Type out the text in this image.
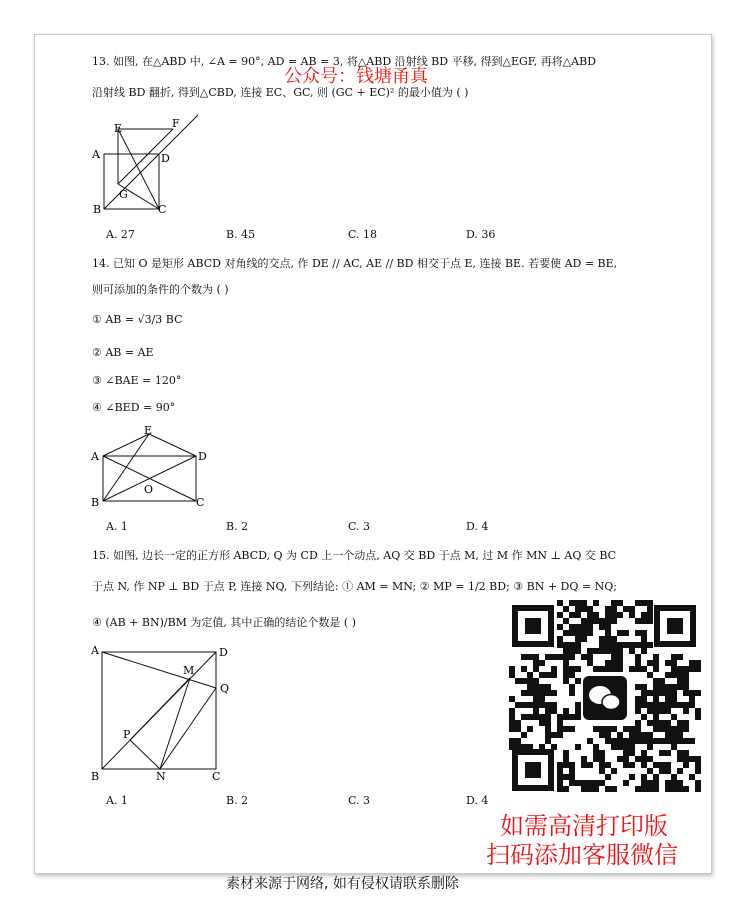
13. 如图, 在△ABD 中, ∠A = 90°, AD = AB = 3, 将△ABD 沿射线 BD 平移, 得到△EGF, 再将△ABD
公众号：钱塘甬真
沿射线 BD 翻折, 得到△CBD, 连接 EC、GC, 则 (GC + EC)² 的最小值为 ( )
E	F
A	D
G
B	C
A. 27	B. 45	C. 18	D. 36
14. 已知 O 是矩形 ABCD 对角线的交点, 作 DE // AC, AE // BD 相交于点 E, 连接 BE. 若要使 AD = BE,
则可添加的条件的个数为 ( )
① AB = √3/3 BC
② AB = AE
③ ∠BAE = 120°
④ ∠BED = 90°
E
A	D
B
O
C
A. 1	B. 2	C. 3	D. 4
15. 如图, 边长一定的正方形 ABCD, Q 为 CD 上一个动点, AQ 交 BD 于点 M, 过 M 作 MN ⊥ AQ 交 BC
于点 N, 作 NP ⊥ BD 于点 P, 连接 NQ, 下列结论: ① AM = MN; ② MP = 1/2 BD; ③ BN + DQ = NQ;
④ (AB + BN)/BM 为定值, 其中正确的结论个数是 ( )
A	D
M
Q
P
B	N	C
A. 1	B. 2	C. 3	D. 4
如需高清打印版
扫码添加客服微信
素材来源于网络, 如有侵权请联系删除
